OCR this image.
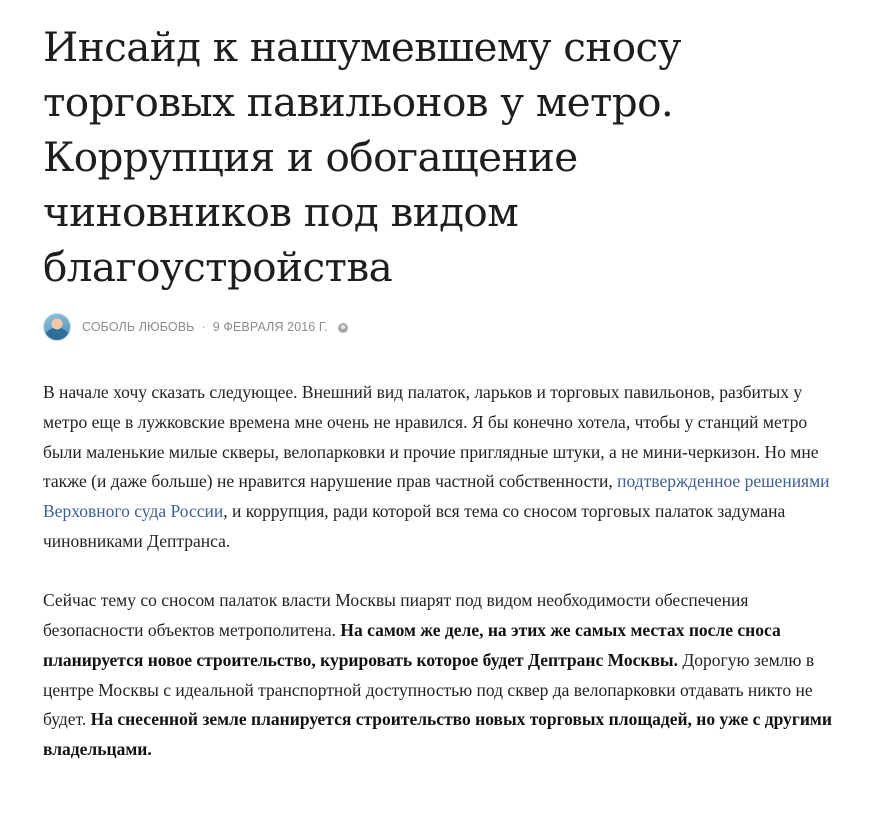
Инсайд к нашумевшему сносу торговых павильонов у метро. Коррупция и обогащение чиновников под видом благоустройства
СОБОЛЬ ЛЮБОВЬ · 9 ФЕВРАЛЯ 2016 Г.

В начале хочу сказать следующее. Внешний вид палаток, ларьков и торговых павильонов, разбитых у метро еще в лужковские времена мне очень не нравился. Я бы конечно хотела, чтобы у станций метро были маленькие милые скверы, велопарковки и прочие приглядные штуки, а не мини-черкизон. Но мне также (и даже больше) не нравится нарушение прав частной собственности, подтвержденное решениями Верховного суда России, и коррупция, ради которой вся тема со сносом торговых палаток задумана чиновниками Дептранса.

Сейчас тему со сносом палаток власти Москвы пиарят под видом необходимости обеспечения безопасности объектов метрополитена. На самом же деле, на этих же самых местах после сноса планируется новое строительство, курировать которое будет Дептранс Москвы. Дорогую землю в центре Москвы с идеальной транспортной доступностью под сквер да велопарковки отдавать никто не будет. На снесенной земле планируется строительство новых торговых площадей, но уже с другими владельцами.
